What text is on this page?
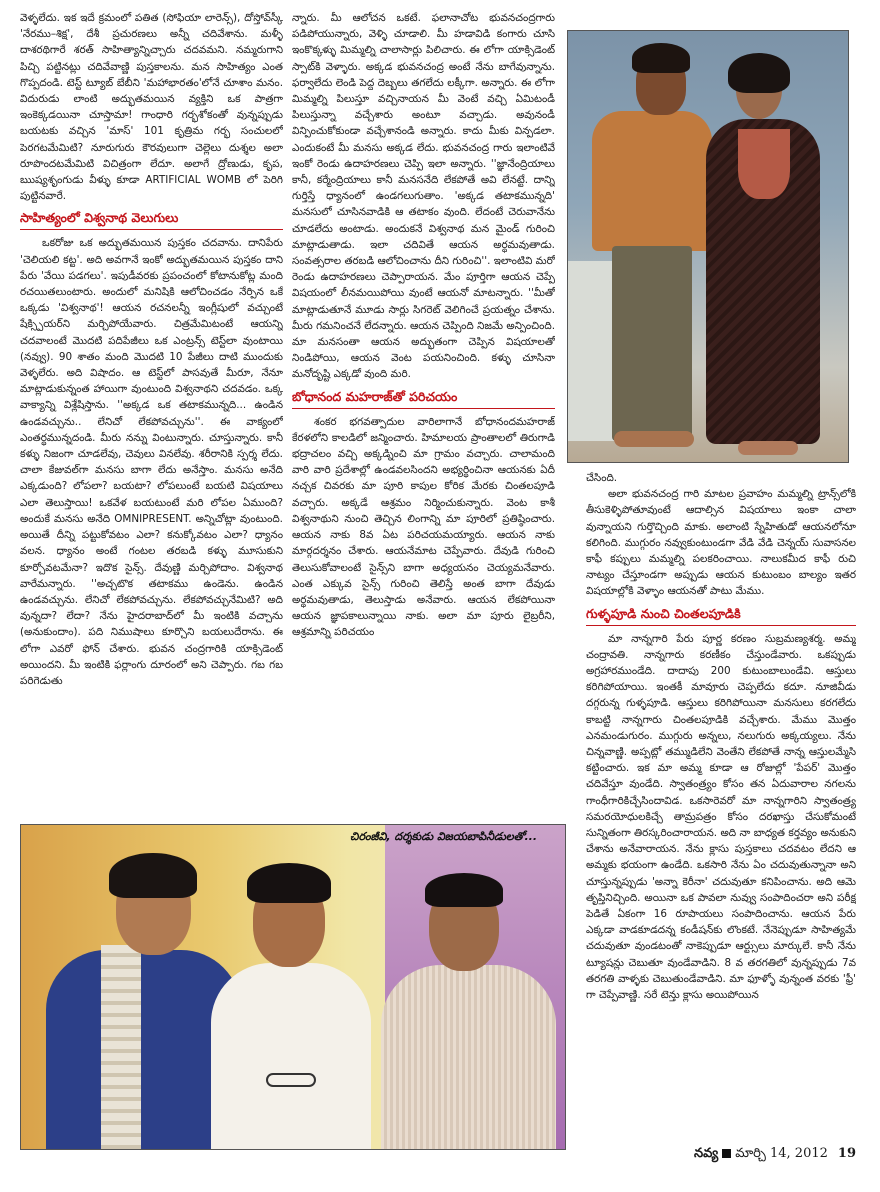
వెళ్ళలేదు. ఇక ఇదే క్రమంలో పతిత (సోఫియా లారెన్స్), దోస్తోవ్‌స్కీ 'నేరము–శిక్ష', దేశీ ప్రచురణలు అన్నీ చదివేశాను. మళ్ళీ దాశరథిగారే శరత్ సాహిత్యాన్నిచ్చారు చదవమని. నమ్మరుగాని పిచ్చి పట్టినట్లు చదివేవాణ్ణి పుస్తకాలను. మన సాహిత్యం ఎంత గొప్పదండి. టెస్ట్ ట్యూబ్ బేబీని 'మహాభారతం'లోనే చూశాం మనం. విదురుడు లాంటి అద్భుతమయిన వ్యక్తిని ఒక పాత్రగా ఇంకెక్కడయినా చూస్తామా! గాంధారి గర్భశోకంతో వున్నప్పుడు బయటకు వచ్చిన 'మాస్' 101 కృత్రిమ గర్భ సంచులలో పెరగటమేమిటి? నూరుగురు కౌరవులుగా చెల్లెలు దుశ్శల అలా రూపొందటమేమిటి విచిత్రంగా లేదూ. అలాగే ద్రోణుడు, కృప, ఋష్యశృంగుడు వీళ్ళు కూడా ARTIFICIAL WOMB లో పెరిగి పుట్టినవారే.

సాహిత్యంలో విశ్వనాథ వెలుగులు

ఒకరోజు ఒక అద్భుతమయిన పుస్తకం చదవాను. దానిపేరు 'చెలియలి కట్ట'. అది అవగానే ఇంకో అద్భుతమయిన పుస్తకం దాని పేరు 'వేయి పడగలు'. ఇపుడీవరకు ప్రపంచంలో కోటానుకోట్ల మంది రచయితలుంటారు. అందులో మనిషికి ఆలోచించడం నేర్పిన ఒకే ఒక్కడు 'విశ్వనాథ'! ఆయన రచనలన్నీ ఇంగ్లీషులో వచ్చుంటే షేక్స్పియర్‌ని మర్చిపోయేవారు. చిత్రమేమిటంటే ఆయన్ని చదవాలంటే మొదటి పదిపేజీలు ఒక ఎంట్రన్స్ టెస్ట్‌లా వుంటాయి (నవ్వు). 90 శాతం మంది మొదటి 10 పేజీలు దాటి ముందుకు వెళ్ళలేరు. అది విషాదం. ఆ టెస్ట్‌లో పాసవుతే మీరూ, నేనూ మాట్లాడుకున్నంత హాయిగా వుంటుంది విశ్వనాథని చదవడం. ఒక్క వాక్యాన్ని విశ్లేషిస్తాను. ''అక్కడ ఒక తటాకమున్నది... ఉండిన ఉండవచ్చును.. లేనిచో లేకపోవచ్చును''. ఈ వాక్యంలో ఎంతర్థమున్నదండి. మీరు నన్ను వింటున్నారు. చూస్తున్నారు. కానీ కళ్ళు నిజంగా చూడలేవు, చెవులు వినలేవు. శరీరానికి స్పర్శ లేదు. చాలా కేజువల్‌గా మనసు బాగా లేదు అనేస్తాం. మనసు అనేది ఎక్కడుంది? లోపలా? బయటా? లోపలుంటే బయటి విషయాలు ఎలా తెలుస్తాయి! ఒకవేళ బయటుంటే మరి లోపల ఏముంది? అందుకే మనసు అనేది OMNIPRESENT. అన్నిచోట్లా వుంటుంది. అయితే దీన్ని పట్టుకోవటం ఎలా? కనుక్కోవటం ఎలా? ధ్యానం వలన. ధ్యానం అంటే గంటల తరబడి కళ్ళు మూసుకుని కూర్చోవటమేనా? ఇదొక సైన్స్. దేవుణ్ణి మర్చిపోదాం. విశ్వనాథ వారేమన్నారు. ''అచ్చటొక తటాకము ఉండెను. ఉండిన ఉండవచ్చును. లేనిచో లేకపోవచ్చును. లేకపోవచ్చునేమిటి? అది వున్నదా? లేదా? నేను హైదరాబాద్‌లో మీ ఇంటికి వచ్చాను (అనుకుందాం). పది నిముషాలు కూర్చొని బయలుదేరాను. ఈ లోగా ఎవరో ఫోన్ చేశారు. భువన చంద్రగారికి యాక్సిడెంట్ అయిందని. మీ ఇంటికి ఫర్లాంగు దూరంలో అని చెప్పారు. గబ గబ పరిగెడుతు

న్నారు. మీ ఆలోచన ఒకటే. ఫలానాచోట భువనచంద్రగారు పడిపోయున్నారు, వెళ్ళి చూడాలి. మీ హడావిడి కంగారు చూసి ఇంకొక్కళ్ళు మిమ్మల్ని చాలాసార్లు పిలిచారు. ఈ లోగా యాక్సిడెంట్ స్పాట్‌కి వెళ్ళారు. అక్కడ భువనచంద్ర అంటే నేను బాగేవున్నాను. ఫర్వాలేదు లెండి పెద్ద దెబ్బలు తగలేదు లక్కీగా. అన్నారు. ఈ లోగా మిమ్మల్ని పిలుస్తూ వచ్చినాయన మీ వెంటే వచ్చి ఏమిటండీ పిలుస్తున్నా వచ్చేశారు అంటూ వచ్చాడు. అవునండీ విన్పించుకోకుండా వచ్చేశానండి అన్నారు. కాదు మీకు విన్పడలా. ఎందుకంటే మీ మనసు అక్కడ లేదు. భువనచంద్ర గారు ఇలాంటివే ఇంకో రెండు ఉదాహరణలు చెప్పి ఇలా అన్నారు. ''జ్ఞానేంద్రియాలు కానీ, కర్మేంద్రియాలు కానీ మనసనేది లేకపోతే అవి లేనట్టే. దాన్ని గుర్తిస్తే ధ్యానంలో ఉండగలుగుతాం. 'అక్కడ తటాకమున్నది' మనసులో చూసినవాడికి ఆ తటాకం వుంది. లేదంటే చెరువానేను చూడలేదు అంటాడు. అందుకనే విశ్వనాథ మన మైండ్ గురించి మాట్లాడుతాడు. ఇలా చదివితే ఆయన అర్థమవుతాడు. సంవత్సరాల తరబడి ఆలోచించాను దీని గురించి''. ఇలాంటివి మరో రెండు ఉదాహరణలు చెప్పారాయన. మేం పూర్తిగా ఆయన చెప్పే విషయంలో లీనమయిపోయి వుంటే ఆయనో మాటన్నారు. ''మీతో మాట్లాడుతూనే మూడు సార్లు సిగరెట్ వెలిగించే ప్రయత్నం చేశాను. మీరు గమనించనే లేదన్నారు. ఆయన చెప్పింది నిజమే అన్పించింది. మా మనసంతా ఆయన అద్భుతంగా చెప్పిన విషయాలతో నిండిపోయి, ఆయన వెంట పయనించింది. కళ్ళు చూసినా మనోదృష్టి ఎక్కడో వుంది మరి.

బోధానంద మహరాజ్‌తో పరిచయం

శంకర భగవత్పాదుల వారిలాగానే బోధానందమహరాజ్ కేరళలోని కాలడిలో జన్మించారు. హిమాలయ ప్రాంతాలలో తిరుగాడి భద్రాచలం వచ్చి అక్కడ్నించి మా గ్రామం వచ్చారు. చాలామంది వారి వారి ప్రదేశాల్లో ఉండవలసిందని అభ్యర్థించినా ఆయనకు ఏదీ నచ్చక చివరకు మా పూరి కాపుల కోరిక మేరకు చింతలపూడి వచ్చారు. అక్కడే ఆశ్రమం నిర్మించుకున్నారు. వెంట కాశీ విశ్వనాథుని నుంచి తెచ్చిన లింగాన్ని మా పూరిలో ప్రతిష్ఠించారు. ఆయన నాకు 8వ ఏట పరిచయమయ్యారు. ఆయన నాకు మార్గదర్శనం చేశారు. ఆయనేమాట చెప్పేవారు. దేవుడి గురించి తెలుసుకోవాలంటే సైన్స్‌ని బాగా అధ్యయనం చెయ్యమనేవారు. ఎంత ఎక్కువ సైన్స్ గురించి తెలిస్తే అంత బాగా దేవుడు అర్థమవుతాడు, తెలుస్తాడు అనేవారు. ఆయన లేకపోయినా ఆయన జ్ఞాపకాలున్నాయి నాకు. అలా మా పూరు లైబ్రరీని, ఆశ్రమాన్ని పరిచయం

చేసింది.

అలా భువనచంద్ర గారి మాటల ప్రవాహం మమ్మల్ని ట్రాన్స్‌లోకి తీసుకెళ్ళిపోతూవుంటే ఆదాల్సిన విషయాలు ఇంకా చాలా వున్నాయని గుర్తొచ్చింది మాకు. అలాంటి స్నేహితుడో ఆయనలోనూ కలిగింది. ముగ్గురం నవ్వుకుంటుండగా వేడి వేడి చెన్నయ్ సువాసనల కాఫీ కప్పులు మమ్మల్ని పలకరించాయి. నాలుకమీద కాఫీ రుచి నాట్యం చేస్తూండగా అప్పుడు ఆయన కుటుంబం బాల్యం ఇతర విషయాల్లోకి వెళ్ళాం ఆయనతో పాటు మేము.

గుళ్ళపూడి నుంచి చింతలపూడికి

మా నాన్నగారి పేరు పూర్ణ కరణం సుబ్రమణ్యశర్మ. అమ్మ చంద్రావతి. నాన్నగారు కరణీకం చేస్తుండేవారు. ఒకప్పుడు అగ్రహారముండేది. దాదాపు 200 కుటుంబాలుండేవి. ఆస్తులు కరిగిపోయాయి. ఇంతకీ మావూరు చెప్పలేదు కదూ. నూజివీడు దగ్గరున్న గుళ్ళపూడి. ఆస్తులు కరిగిపోయినా మనసులు కరగలేదు కాబట్టి నాన్నగారు చింతలపూడికి వచ్చేశారు. మేము మొత్తం ఎనమండుగురం. ముగ్గురు అన్నలు, నలుగురు అక్కయ్యలు. నేను చిన్నవాణ్ణి. అప్పట్లో తమ్ముడిలేని వెంతేని లేకపోతే నాన్న ఆస్తులమ్మేసి కట్టించారు. ఇక మా అమ్మ కూడా ఆ రోజుల్లో 'పేపర్' మొత్తం చదివేస్తూ వుండేది. స్వాతంత్ర్యం కోసం తన ఏదువారాల నగలను గాంధీగారికిచ్చేసిందావిడ. ఒకసారెవరో మా నాన్నగారిని స్వాతంత్ర్య సమరయోధులకిచ్చే తామ్రపత్రం కోసం దరఖాస్తు చేసుకోమంటే సున్నితంగా తిరస్కరించారాయన. అది నా బాధ్యత కర్తవ్యం అనుకుని చేశాను అనేవారాయన. నేను క్లాసు పుస్తకాలు చదవటం లేదని ఆ అమ్మకు భయంగా ఉండేది. ఒకసారి నేను ఏం చదువుతున్నానా అని చూస్తున్నప్పుడు 'అన్నా కెరీనా' చదువుతూ కనిపించాను. అది ఆమె తృప్తినిచ్చింది. అయినా ఒక పావలా నువ్వు సంపాదించరా అని పరీక్ష పెడితే ఏకంగా 16 రూపాయలు సంపాదించాను. ఆయన పేరు ఎక్కడా వాడకూడదన్న కండీషన్‌కు లొంకటే. నేనెప్పుడూ సాహిత్యమే చదువుతూ వుండటంతో నాకెప్పుడూ ఆర్ట్సులు మార్కులే. కానీ నేను ట్యూషన్లు చెబుతూ వుండేవాడిని. 8 వ తరగతిలో వున్నప్పుడు 7వ తరగతి వాళ్ళకు చెబుతుండేవాడిని. మా ఫూళ్ళో వున్నంత వరకు 'ఫ్రీ' గా చెప్పేవాణ్ణి. సరే టెన్తు క్లాసు అయిపోయిన

చిరంజీవి, దర్శకుడు విజయబాపినీడులతో...
నవ్య మార్చి 14, 2012 19
